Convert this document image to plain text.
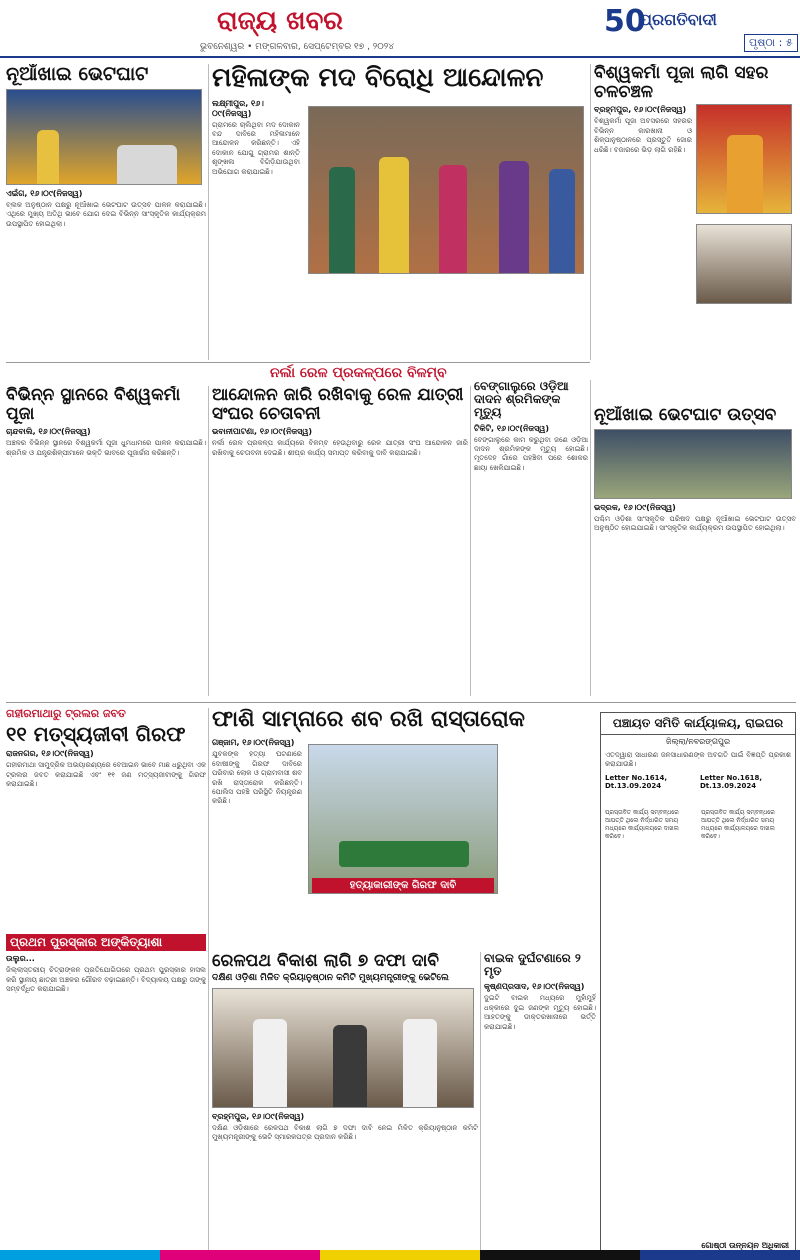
ରାଜ୍ୟ ଖବର
ଭୁବନେଶ୍ୱର • ମଙ୍ଗଳବାର, ସେପ୍ଟେମ୍ବର ୧୭ , ୨୦୨୪
50
ପ୍ରଗତିବାଦୀ
ପୃଷ୍ଠା : ୫
ନୂଆଁଖାଇ ଭେଟଘାଟ
ଏଇଁଗ, ୧୬।୦୯(ନିଜସ୍ୱ)
ବ୍ଲକ ଅନୁଷ୍ଠାନ ପକ୍ଷରୁ ନୂଆଁଖାଇ ଭେଟଘାଟ ଉତ୍ସବ ପାଳନ କରାଯାଇଛି। ଏଥିରେ ମୁଖ୍ୟ ଅତିଥି ଭାବେ ଯୋଗ ଦେଇ ବିଭିନ୍ନ ସାଂସ୍କୃତିକ କାର୍ଯ୍ୟକ୍ରମ ଉପସ୍ଥାପିତ ହୋଇଥିଲା।
ମହିଳାଙ୍କ ମଦ ବିରୋଧି ଆନ୍ଦୋଳନ
ଲକ୍ଷ୍ମୀପୁର, ୧୬।୦୯(ନିଜସ୍ୱ)
ଗ୍ରାମରେ ଚାଲିଥିବା ମଦ ଦୋକାନ ବନ୍ଦ ଦାବିରେ ମହିଳାମାନେ ଆନ୍ଦୋଳନ କରିଛନ୍ତି। ଏହି ଦୋକାନ ଯୋଗୁ ଗ୍ରାମର ଶାନ୍ତି ଶୃଙ୍ଖଳା ବିଗିଡ଼ିଯାଉଥିବା ଅଭିଯୋଗ କରାଯାଇଛି।
ବିଶ୍ୱକର୍ମା ପୂଜା ଲାଗି ସହର ଚଳଚଞ୍ଚଳ
ବ୍ରହ୍ମପୁର, ୧୬।୦୯(ନିଜସ୍ୱ)
ବିଶ୍ୱକର୍ମା ପୂଜା ଅବସରରେ ସହରର ବିଭିନ୍ନ କାରଖାନା ଓ ଶିଳ୍ପାନୁଷ୍ଠାନରେ ପ୍ରସ୍ତୁତି ଜୋର ଧରିଛି। ବଜାରରେ ଭିଡ଼ ଲାଗି ରହିଛି।
ନର୍ଲା ରେଳ ପ୍ରକଳ୍ପରେ ବିଳମ୍ବ
ବିଭିନ୍ନ ସ୍ଥାନରେ ବିଶ୍ୱକର୍ମା ପୂଜା
ଚାନ୍ଦବାଲି, ୧୬।୦୯(ନିଜସ୍ୱ)
ଅଞ୍ଚଳର ବିଭିନ୍ନ ସ୍ଥାନରେ ବିଶ୍ୱକର୍ମା ପୂଜା ଧୁମଧାମରେ ପାଳନ କରାଯାଇଛି। ଶ୍ରମିକ ଓ ଯନ୍ତ୍ରଶିଳ୍ପୀମାନେ ଭକ୍ତି ଭାବରେ ପୂଜାର୍ଚ୍ଚନା କରିଛନ୍ତି।
ଆନ୍ଦୋଳନ ଜାରି ରଖିବାକୁ ରେଳ ଯାତ୍ରୀ ସଂଘର ଚେତାବନୀ
ଭବାନୀପାଟଣା, ୧୬।୦୯(ନିଜସ୍ୱ)
ନର୍ଲା ରେଳ ପ୍ରକଳ୍ପ କାର୍ଯ୍ୟରେ ବିଳମ୍ବ ହେଉଥିବାରୁ ରେଳ ଯାତ୍ରୀ ସଂଘ ଆନ୍ଦୋଳନ ଜାରି ରଖିବାକୁ ଚେତାବନୀ ଦେଇଛି। ଶୀଘ୍ର କାର୍ଯ୍ୟ ସମାପ୍ତ କରିବାକୁ ଦାବି କରାଯାଇଛି।
ବେଙ୍ଗାଲୁରେ ଓଡ଼ିଆ ଦାଦନ ଶ୍ରମିକଙ୍କ ମୃତ୍ୟୁ
ଟିକିଟି, ୧୬।୦୯(ନିଜସ୍ୱ)
ବେଙ୍ଗାଲୁରେ କାମ କରୁଥିବା ଜଣେ ଓଡ଼ିଆ ଦାଦନ ଶ୍ରମିକଙ୍କ ମୃତ୍ୟୁ ହୋଇଛି। ମୃତଦେହ ଗାଁରେ ପହଞ୍ଚିବା ପରେ ଶୋକର ଛାୟା ଖେଳିଯାଇଛି।
ନୂଆଁଖାଇ ଭେଟଘାଟ ଉତ୍ସବ
ଭଦ୍ରକ, ୧୬।୦୯(ନିଜସ୍ୱ)
ପଶ୍ଚିମ ଓଡ଼ିଶା ସାଂସ୍କୃତିକ ପରିଷଦ ପକ୍ଷରୁ ନୂଆଁଖାଇ ଭେଟଘାଟ ଉତ୍ସବ ଅନୁଷ୍ଠିତ ହୋଇଯାଇଛି। ସାଂସ୍କୃତିକ କାର୍ଯ୍ୟକ୍ରମ ଉପସ୍ଥାପିତ ହୋଇଥିଲା।
ଗହୀରମାଥାରୁ ଟ୍ରଲର ଜବତ
୧୧ ମତ୍ସ୍ୟଜୀବୀ ଗିରଫ
ରାଜନଗର, ୧୬।୦୯(ନିଜସ୍ୱ)
ଗହୀରମାଥା ସାମୁଦ୍ରିକ ଅଭୟାରଣ୍ୟରେ ବେଆଇନ ଭାବେ ମାଛ ଧରୁଥିବା ଏକ ଟ୍ରଲର ଜବତ କରାଯାଇଛି ଏବଂ ୧୧ ଜଣ ମତ୍ସ୍ୟଜୀବୀଙ୍କୁ ଗିରଫ କରାଯାଇଛି।
ପ୍ରଥମ ପୁରସ୍କାର ଅଙ୍କିତ୍ୟାଶା
ଉଲୁର...
ଜିଲ୍ଲାସ୍ତରୀୟ ଚିତ୍ରାଙ୍କନ ପ୍ରତିଯୋଗିତାରେ ପ୍ରଥମ ପୁରସ୍କାର ହାସଲ କରି ସ୍ଥାନୀୟ ଛାତ୍ରୀ ଅଞ୍ଚଳର ଗୌରବ ବଢ଼ାଇଛନ୍ତି। ବିଦ୍ୟାଳୟ ପକ୍ଷରୁ ତାଙ୍କୁ ସମ୍ବର୍ଦ୍ଧିତ କରାଯାଇଛି।
ଫାଶି ସାମ୍ନାରେ ଶବ ରଖି ରାସ୍ତାରୋକ
ଗଞ୍ଜାମ, ୧୬।୦୯(ନିଜସ୍ୱ)
ଯୁବକଙ୍କ ହତ୍ୟା ଘଟଣାରେ ଦୋଷୀଙ୍କୁ ଗିରଫ ଦାବିରେ ପରିବାର ଲୋକ ଓ ଗ୍ରାମବାସୀ ଶବ ରଖି ରାସ୍ତାରୋକ କରିଛନ୍ତି। ପୋଲିସ ପହଞ୍ଚି ପରିସ୍ଥିତି ନିୟନ୍ତ୍ରଣ କରିଛି।
ହତ୍ୟାକାରୀଙ୍କ ଗିରଫ ଦାବି
ରେଳପଥ ବିକାଶ ଲାଗି ୭ ଦଫା ଦାବି
ଦକ୍ଷିଣ ଓଡ଼ିଶା ମିଳିତ କ୍ରିୟାନୁଷ୍ଠାନ କମିଟି ମୁଖ୍ୟମନ୍ତ୍ରୀଙ୍କୁ ଭେଟିଲେ
ବ୍ରହ୍ମପୁର, ୧୬।୦୯(ନିଜସ୍ୱ)
ଦକ୍ଷିଣ ଓଡ଼ିଶାରେ ରେଳପଥ ବିକାଶ ଲାଗି ୭ ଦଫା ଦାବି ନେଇ ମିଳିତ କ୍ରିୟାନୁଷ୍ଠାନ କମିଟି ମୁଖ୍ୟମନ୍ତ୍ରୀଙ୍କୁ ଭେଟି ସ୍ମାରକପତ୍ର ପ୍ରଦାନ କରିଛି।
ବାଇକ ଦୁର୍ଘଟଣାରେ ୨ ମୃତ
କୃଷ୍ଣପ୍ରସାଦ, ୧୬।୦୯(ନିଜସ୍ୱ)
ଦୁଇଟି ବାଇକ ମଧ୍ୟରେ ମୁହାଁମୁହିଁ ଧକ୍କାରେ ଦୁଇ ଜଣଙ୍କ ମୃତ୍ୟୁ ହୋଇଛି। ଆହତଙ୍କୁ ଡାକ୍ତରଖାନାରେ ଭର୍ତ୍ତି କରାଯାଇଛି।
ପଞ୍ଚାୟତ ସମିତି କାର୍ଯ୍ୟାଳୟ, ରାଇଘର
ଜିଲ୍ଲା/ନବରଙ୍ଗପୁର
ଏତଦ୍ୱାରା ସାଧାରଣ ଜନସାଧାରଣଙ୍କ ଅବଗତି ପାଇଁ ବିଜ୍ଞପ୍ତି ପ୍ରକାଶ କରାଯାଉଛି।
Letter No.1614, Dt.13.09.2024
Letter No.1618, Dt.13.09.2024
ପ୍ରସ୍ତାବିତ କାର୍ଯ୍ୟ ସମ୍ବନ୍ଧରେ ଆପତ୍ତି ଥିଲେ ନିର୍ଦ୍ଧାରିତ ସମୟ ମଧ୍ୟରେ କାର୍ଯ୍ୟାଳୟରେ ଦାଖଲ କରିବେ।
ପ୍ରସ୍ତାବିତ କାର୍ଯ୍ୟ ସମ୍ବନ୍ଧରେ ଆପତ୍ତି ଥିଲେ ନିର୍ଦ୍ଧାରିତ ସମୟ ମଧ୍ୟରେ କାର୍ଯ୍ୟାଳୟରେ ଦାଖଲ କରିବେ।
ଗୋଷ୍ଠୀ ଉନ୍ନୟନ ଅଧିକାରୀ
